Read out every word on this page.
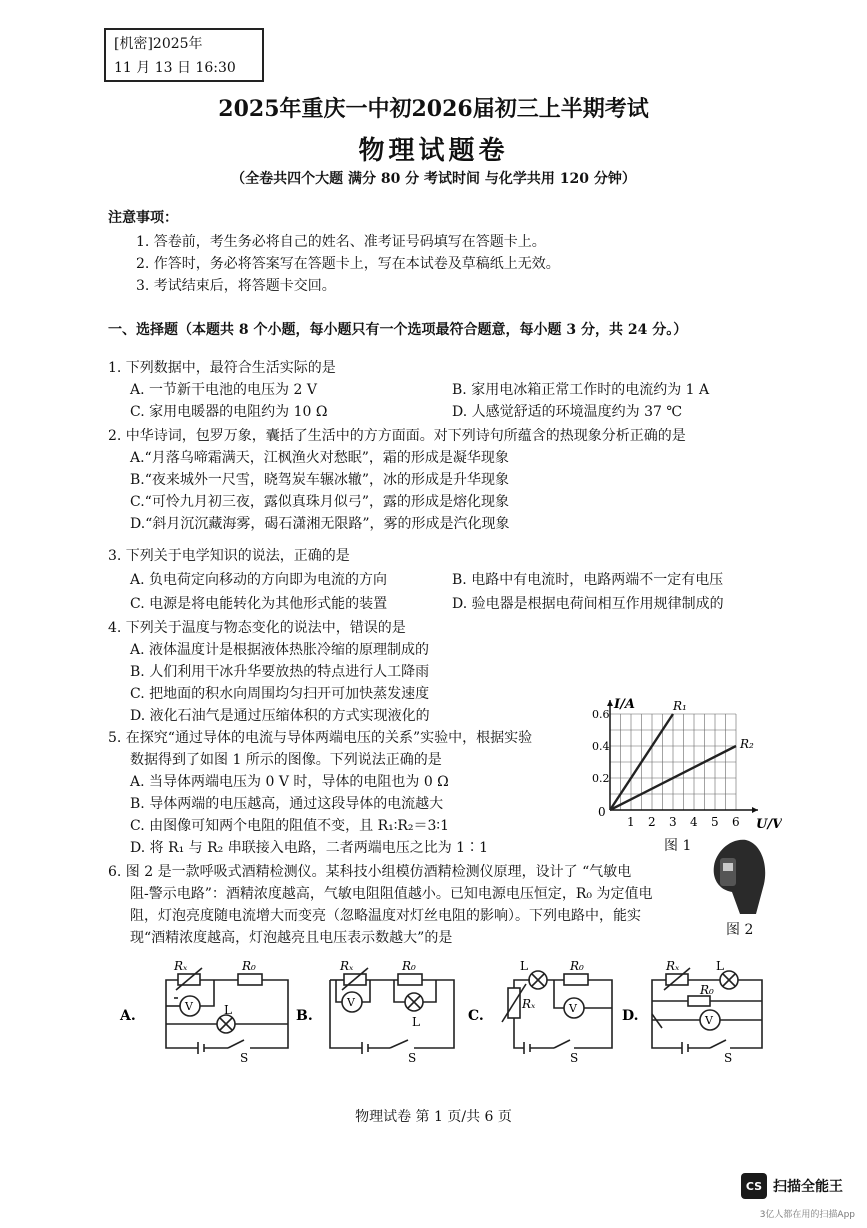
[机密]2025年
11 月 13 日 16:30
2025年重庆一中初2026届初三上半期考试
物理试题卷
（全卷共四个大题 满分 80 分 考试时间 与化学共用 120 分钟）
注意事项：
1. 答卷前，考生务必将自己的姓名、准考证号码填写在答题卡上。
2. 作答时，务必将答案写在答题卡上，写在本试卷及草稿纸上无效。
3. 考试结束后，将答题卡交回。
一、选择题（本题共 8 个小题，每小题只有一个选项最符合题意，每小题 3 分，共 24 分。）
1. 下列数据中，最符合生活实际的是
A. 一节新干电池的电压为 2 V	B. 家用电冰箱正常工作时的电流约为 1 A
C. 家用电暖器的电阻约为 10 Ω	D. 人感觉舒适的环境温度约为 37 ℃
2. 中华诗词，包罗万象，囊括了生活中的方方面面。对下列诗句所蕴含的热现象分析正确的是
A.“月落乌啼霜满天，江枫渔火对愁眠”，霜的形成是凝华现象
B.“夜来城外一尺雪，晓驾炭车辗冰辙”，冰的形成是升华现象
C.“可怜九月初三夜，露似真珠月似弓”，露的形成是熔化现象
D.“斜月沉沉藏海雾，碣石潇湘无限路”，雾的形成是汽化现象
3. 下列关于电学知识的说法，正确的是
A. 负电荷定向移动的方向即为电流的方向	B. 电路中有电流时，电路两端不一定有电压
C. 电源是将电能转化为其他形式能的装置	D. 验电器是根据电荷间相互作用规律制成的
4. 下列关于温度与物态变化的说法中，错误的是
A. 液体温度计是根据液体热胀冷缩的原理制成的
B. 人们利用干冰升华要放热的特点进行人工降雨
C. 把地面的积水向周围均匀扫开可加快蒸发速度
D. 液化石油气是通过压缩体积的方式实现液化的
5. 在探究“通过导体的电流与导体两端电压的关系”实验中，根据实验
数据得到了如图 1 所示的图像。下列说法正确的是
A. 当导体两端电压为 0 V 时，导体的电阻也为 0 Ω
B. 导体两端的电压越高，通过这段导体的电流越大
C. 由图像可知两个电阻的阻值不变，且 R₁∶R₂＝3∶1
D. 将 R₁ 与 R₂ 串联接入电路，二者两端电压之比为 1∶1
1 2 3 4 5 6
0.2
0.4
0.6
R₁
R₂
I/A
U/V
0
图 1
6. 图 2 是一款呼吸式酒精检测仪。某科技小组模仿酒精检测仪原理，设计了 “气敏电
阻-警示电路”：酒精浓度越高，气敏电阻阻值越小。已知电源电压恒定，R₀ 为定值电
阻，灯泡亮度随电流增大而变亮（忽略温度对灯丝电阻的影响）。下列电路中，能实
现“酒精浓度越高，灯泡越亮且电压表示数越大”的是	图 2
A.
V
Rₓ	R₀
L
S
B.
V
Rₓ	R₀
L
S
C.	V
L	R₀
Rₓ
S
D.	V
Rₓ
R₀
L
S
物理试卷 第 1 页/共 6 页
CS 扫描全能王
3亿人都在用的扫描App
